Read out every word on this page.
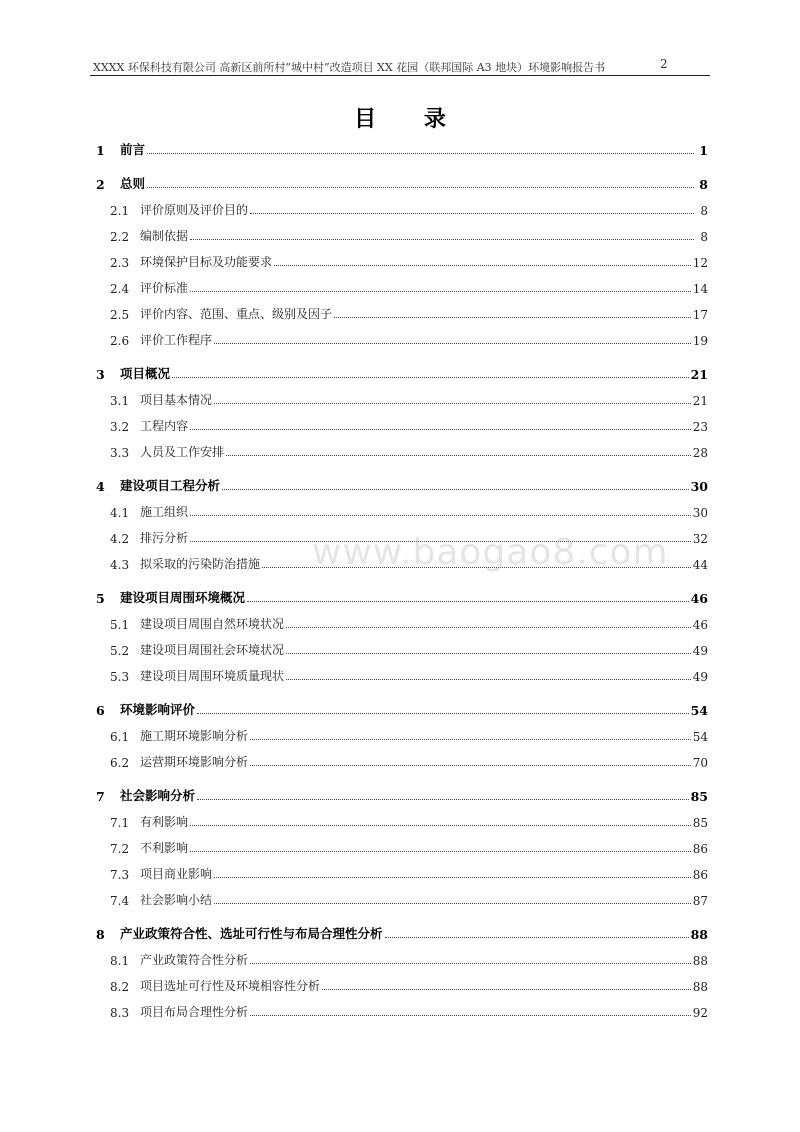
XXXX 环保科技有限公司 高新区前所村“城中村”改造项目 XX 花园（联邦国际 A3 地块）环境影响报告书	2
目 录
1	前言	1
2	总则	8
2.1 评价原则及评价目的	8
2.2 编制依据	8
2.3 环境保护目标及功能要求	12
2.4 评价标准	14
2.5 评价内容、范围、重点、级别及因子	17
2.6 评价工作程序	19
3	项目概况	21
3.1 项目基本情况	21
3.2 工程内容	23
3.3 人员及工作安排	28
4	建设项目工程分析	30
4.1 施工组织	30
4.2 排污分析	32
4.3 拟采取的污染防治措施	44
5	建设项目周围环境概况	46
5.1 建设项目周围自然环境状况	46
5.2 建设项目周围社会环境状况	49
5.3 建设项目周围环境质量现状	49
6	环境影响评价	54
6.1 施工期环境影响分析	54
6.2 运营期环境影响分析	70
7	社会影响分析	85
7.1 有利影响	85
7.2 不利影响	86
7.3 项目商业影响	86
7.4 社会影响小结	87
8	产业政策符合性、选址可行性与布局合理性分析	88
8.1 产业政策符合性分析	88
8.2 项目选址可行性及环境相容性分析	88
8.3 项目布局合理性分析	92
www.baogao8.com
